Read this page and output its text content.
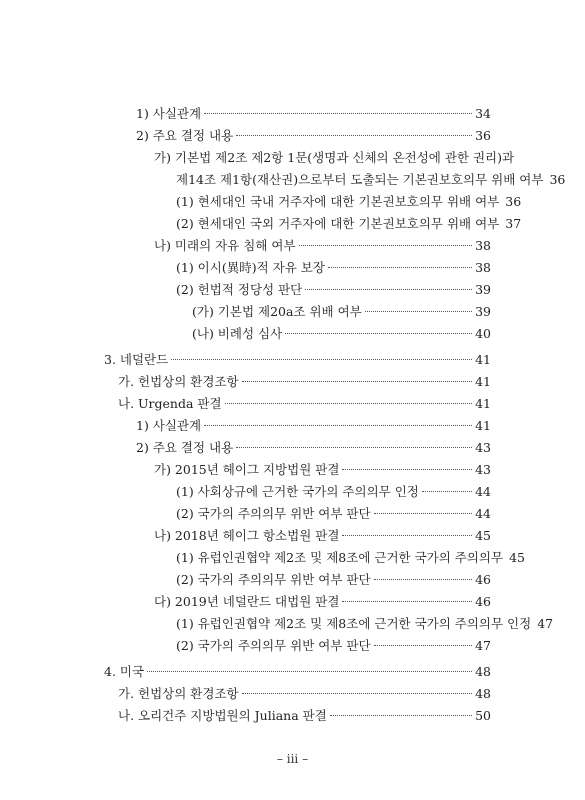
1) 사실관계	34
2) 주요 결정 내용	36
가) 기본법 제2조 제2항 1문(생명과 신체의 온전성에 관한 권리)과
제14조 제1항(재산권)으로부터 도출되는 기본권보호의무 위배 여부 36
(1) 현세대인 국내 거주자에 대한 기본권보호의무 위배 여부 36
(2) 현세대인 국외 거주자에 대한 기본권보호의무 위배 여부 37
나) 미래의 자유 침해 여부	38
(1) 이시(異時)적 자유 보장	38
(2) 헌법적 정당성 판단	39
(가) 기본법 제20a조 위배 여부	39
(나) 비례성 심사	40
3. 네덜란드	41
가. 헌법상의 환경조항	41
나. Urgenda 판결	41
1) 사실관계	41
2) 주요 결정 내용	43
가) 2015년 헤이그 지방법원 판결	43
(1) 사회상규에 근거한 국가의 주의의무 인정	44
(2) 국가의 주의의무 위반 여부 판단	44
나) 2018년 헤이그 항소법원 판결	45
(1) 유럽인권협약 제2조 및 제8조에 근거한 국가의 주의의무 45
(2) 국가의 주의의무 위반 여부 판단	46
다) 2019년 네덜란드 대법원 판결	46
(1) 유럽인권협약 제2조 및 제8조에 근거한 국가의 주의의무 인정 47
(2) 국가의 주의의무 위반 여부 판단	47
4. 미국	48
가. 헌법상의 환경조항	48
나. 오리건주 지방법원의 Juliana 판결	50
– iii –
